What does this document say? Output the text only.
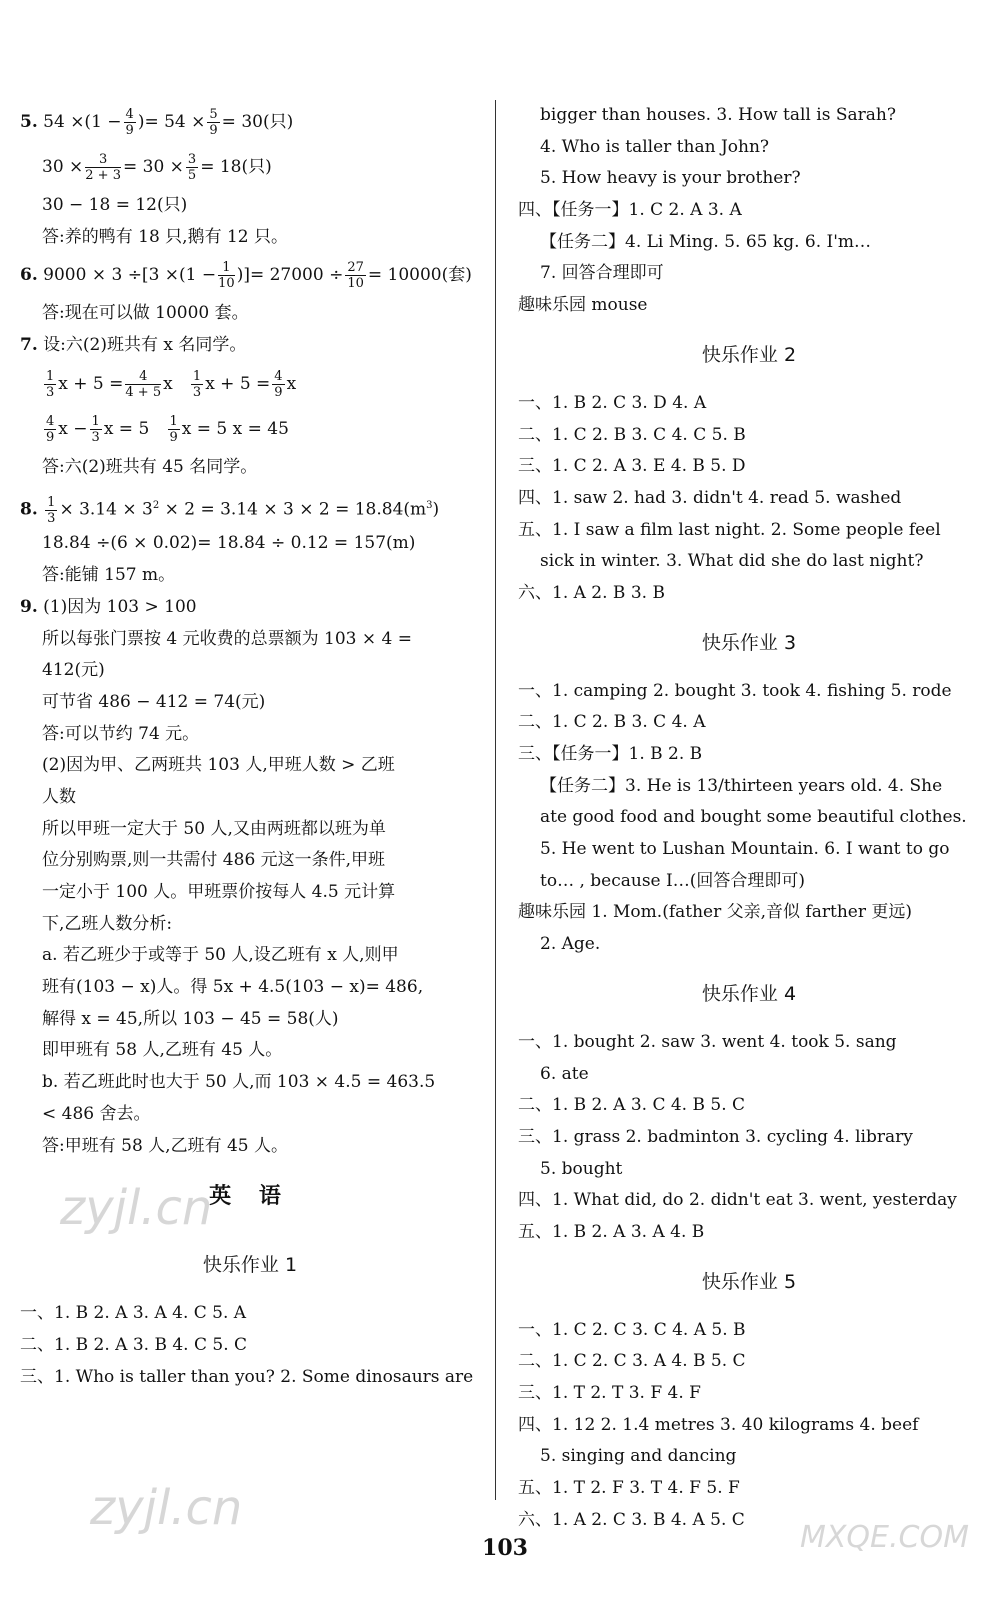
5. $54 \times(1 - \frac{4}{9}$ )= $54 \times \frac{5}{9} = 30$(只)
$30 \times \frac{3}{2 + 3} = 30 \times \frac{3}{5} = 18$(只)
30 − 18 = 12(只)
答:养的鸭有 18 只,鹅有 12 只。
6. $9000 \times 3 \div[3 \times(1 - \frac{1}{10}$ )]= $27000 \div \frac{27}{10} = 10000$(套)
答:现在可以做 10000 套。
7. 设:六(2)班共有 x 名同学。
$\frac{1}{3}$ $x + 5 = \frac{4}{4 + 5}$ x $\frac{1}{3}$ $x + 5 = \frac{4}{9}$ x
$\frac{4}{9}$ $x - \frac{1}{3}$ $x = 5 \frac{1}{9}$ x = 5 x = 45
答:六(2)班共有 45 名同学。
8. $\frac{1}{3} \times 3.14 \times 3^2 \times 2 = 3.14 \times 3 \times 2 = 18.84(m^3)$
18.84 ÷(6 × 0.02)= 18.84 ÷ 0.12 = 157(m)
答:能铺 157 m。
9. (1)因为 103 > 100
所以每张门票按 4 元收费的总票额为 103 × 4 =
412(元)
可节省 486 − 412 = 74(元)
答:可以节约 74 元。
(2)因为甲、乙两班共 103 人,甲班人数 > 乙班
人数
所以甲班一定大于 50 人,又由两班都以班为单
位分别购票,则一共需付 486 元这一条件,甲班
一定小于 100 人。甲班票价按每人 4.5 元计算
下,乙班人数分析:
a. 若乙班少于或等于 50 人,设乙班有 x 人,则甲
班有(103 − x)人。得 5x + 4.5(103 − x)= 486,
解得 x = 45,所以 103 − 45 = 58(人)
即甲班有 58 人,乙班有 45 人。
b. 若乙班此时也大于 50 人,而 103 × 4.5 = 463.5
< 486 舍去。
答:甲班有 58 人,乙班有 45 人。
英 语
快乐作业 1
一、1. B 2. A 3. A 4. C 5. A
二、1. B 2. A 3. B 4. C 5. C
三、1. Who is taller than you? 2. Some dinosaurs are
bigger than houses. 3. How tall is Sarah?
4. Who is taller than John?
5. How heavy is your brother?
四、【任务一】1. C 2. A 3. A
【任务二】4. Li Ming. 5. 65 kg. 6. I'm…
7. 回答合理即可
趣味乐园 mouse
快乐作业 2
一、1. B 2. C 3. D 4. A
二、1. C 2. B 3. C 4. C 5. B
三、1. C 2. A 3. E 4. B 5. D
四、1. saw 2. had 3. didn't 4. read 5. washed
五、1. I saw a film last night. 2. Some people feel
sick in winter. 3. What did she do last night?
六、1. A 2. B 3. B
快乐作业 3
一、1. camping 2. bought 3. took 4. fishing 5. rode
二、1. C 2. B 3. C 4. A
三、【任务一】1. B 2. B
【任务二】3. He is 13/thirteen years old. 4. She
ate good food and bought some beautiful clothes.
5. He went to Lushan Mountain. 6. I want to go
to… , because I…(回答合理即可)
趣味乐园 1. Mom.(father 父亲,音似 farther 更远)
2. Age.
快乐作业 4
一、1. bought 2. saw 3. went 4. took 5. sang
6. ate
二、1. B 2. A 3. C 4. B 5. C
三、1. grass 2. badminton 3. cycling 4. library
5. bought
四、1. What did, do 2. didn't eat 3. went, yesterday
五、1. B 2. A 3. A 4. B
快乐作业 5
一、1. C 2. C 3. C 4. A 5. B
二、1. C 2. C 3. A 4. B 5. C
三、1. T 2. T 3. F 4. F
四、1. 12 2. 1.4 metres 3. 40 kilograms 4. beef
5. singing and dancing
五、1. T 2. F 3. T 4. F 5. F
六、1. A 2. C 3. B 4. A 5. C
103
zyjl.cn
zyjl.cn
MXQE.COM
